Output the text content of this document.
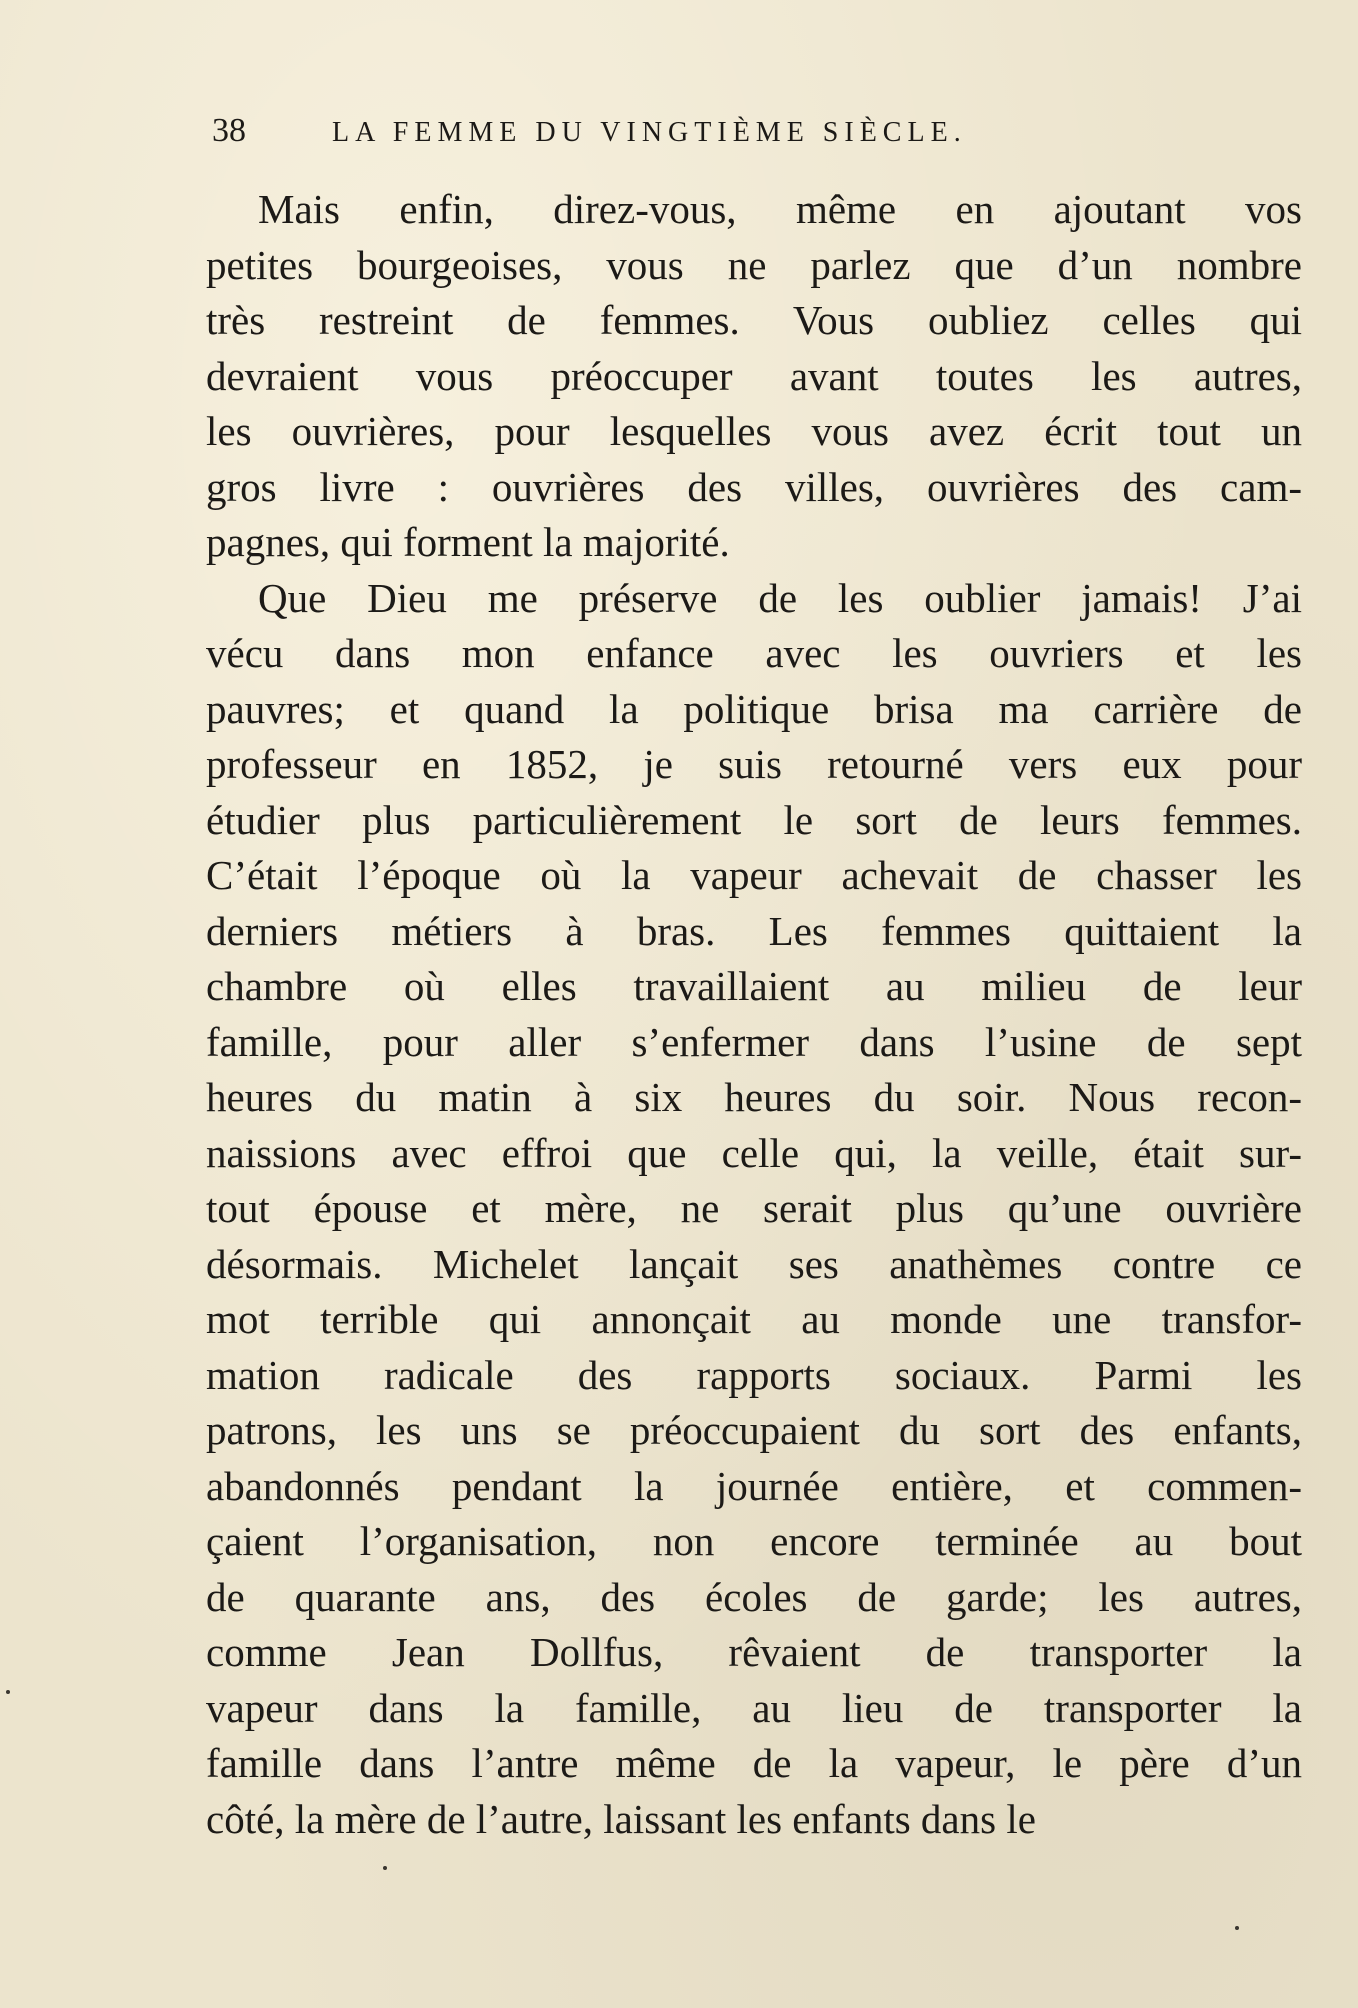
38	LA FEMME DU VINGTIÈME SIÈCLE.
Mais enfin, direz-vous, même en ajoutant vos
petites bourgeoises, vous ne parlez que d’un nombre
très restreint de femmes. Vous oubliez celles qui
devraient vous préoccuper avant toutes les autres,
les ouvrières, pour lesquelles vous avez écrit tout un
gros livre : ouvrières des villes, ouvrières des cam-
pagnes, qui forment la majorité.
Que Dieu me préserve de les oublier jamais! J’ai
vécu dans mon enfance avec les ouvriers et les
pauvres; et quand la politique brisa ma carrière de
professeur en 1852, je suis retourné vers eux pour
étudier plus particulièrement le sort de leurs femmes.
C’était l’époque où la vapeur achevait de chasser les
derniers métiers à bras. Les femmes quittaient la
chambre où elles travaillaient au milieu de leur
famille, pour aller s’enfermer dans l’usine de sept
heures du matin à six heures du soir. Nous recon-
naissions avec effroi que celle qui, la veille, était sur-
tout épouse et mère, ne serait plus qu’une ouvrière
désormais. Michelet lançait ses anathèmes contre ce
mot terrible qui annonçait au monde une transfor-
mation radicale des rapports sociaux. Parmi les
patrons, les uns se préoccupaient du sort des enfants,
abandonnés pendant la journée entière, et commen-
çaient l’organisation, non encore terminée au bout
de quarante ans, des écoles de garde; les autres,
comme Jean Dollfus, rêvaient de transporter la
vapeur dans la famille, au lieu de transporter la
famille dans l’antre même de la vapeur, le père d’un
côté, la mère de l’autre, laissant les enfants dans le
